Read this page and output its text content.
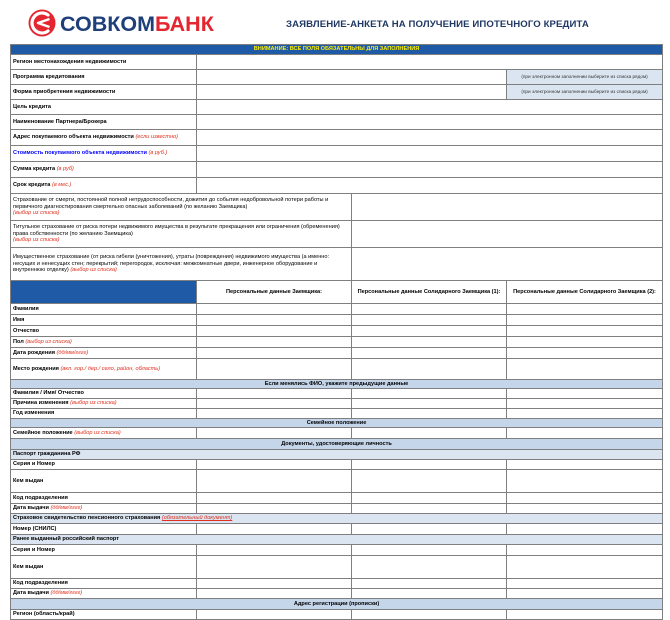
СОВКОМБАНК	ЗАЯВЛЕНИЕ-АНКЕТА НА ПОЛУЧЕНИЕ ИПОТЕЧНОГО КРЕДИТА
ВНИМАНИЕ: ВСЕ ПОЛЯ ОБЯЗАТЕЛЬНЫ ДЛЯ ЗАПОЛНЕНИЯ			
Регион местонахождения недвижимости			
Программа кредитования			(при электронном заполнении выберите из списка рядом)
Форма приобретения недвижимости			(при электронном заполнении выберите из списка рядом)
Цель кредита			
Наименование Партнера/Брокера			
Адрес покупаемого объекта недвижимости (если известно)			
Стоимость покупаемого объекта недвижимости (в руб.)			
Сумма кредита (в руб)			
Срок кредита (в мес.)			
Страхование от смерти, постоянной полной нетрудоспособности, дожития до события недобровольной потери работы и первичного диагностирования смертельно опасных заболеваний (по желанию Заемщика)
(выбор из списка)			
Титульное страхование от риска потери недвижимого имущества в результате прекращения или ограничения (обременения) права собственности (по желанию Заемщика)
(выбор из списка)			
Имущественное страхование (от риска гибели (уничтожения), утраты (повреждения) недвижимого имущества (а именно: несущих и ненесущих стен; перекрытий; перегородок, исключая: межкомнатные двери, инженерное оборудование и внутреннюю отделку) (выбор из списка)			
	Персональные данные Заемщика:	Персональные данные Солидарного Заемщика (1):	Персональные данные Солидарного Заемщика (2):
Фамилия			
Имя			
Отчество			
Пол (выбор из списка)			
Дата рождения (дд/мм/гггг)			
Место рождения (вкл. гор./ дер./ село, район, область)			
Если менялись ФИО, укажите предыдущие данные			
Фамилия / Имя/ Отчество			
Причина изменения (выбор из списка)			
Год изменения			
Семейное положение			
Семейное положение (выбор из списка)			
Документы, удостоверяющие личность			
Паспорт гражданина РФ			
Серия и Номер			
Кем выдан			
Код подразделения			
Дата выдачи (дд/мм/гггг)			
Страховое свидетельство пенсионного страхования (обязательный документ)			
Номер (СНИЛС)			
Ранее выданный российский паспорт			
Серия и Номер			
Кем выдан			
Код подразделения			
Дата выдачи (дд/мм/гггг)			
Адрес регистрации (прописки)			
Регион (область/край)			
